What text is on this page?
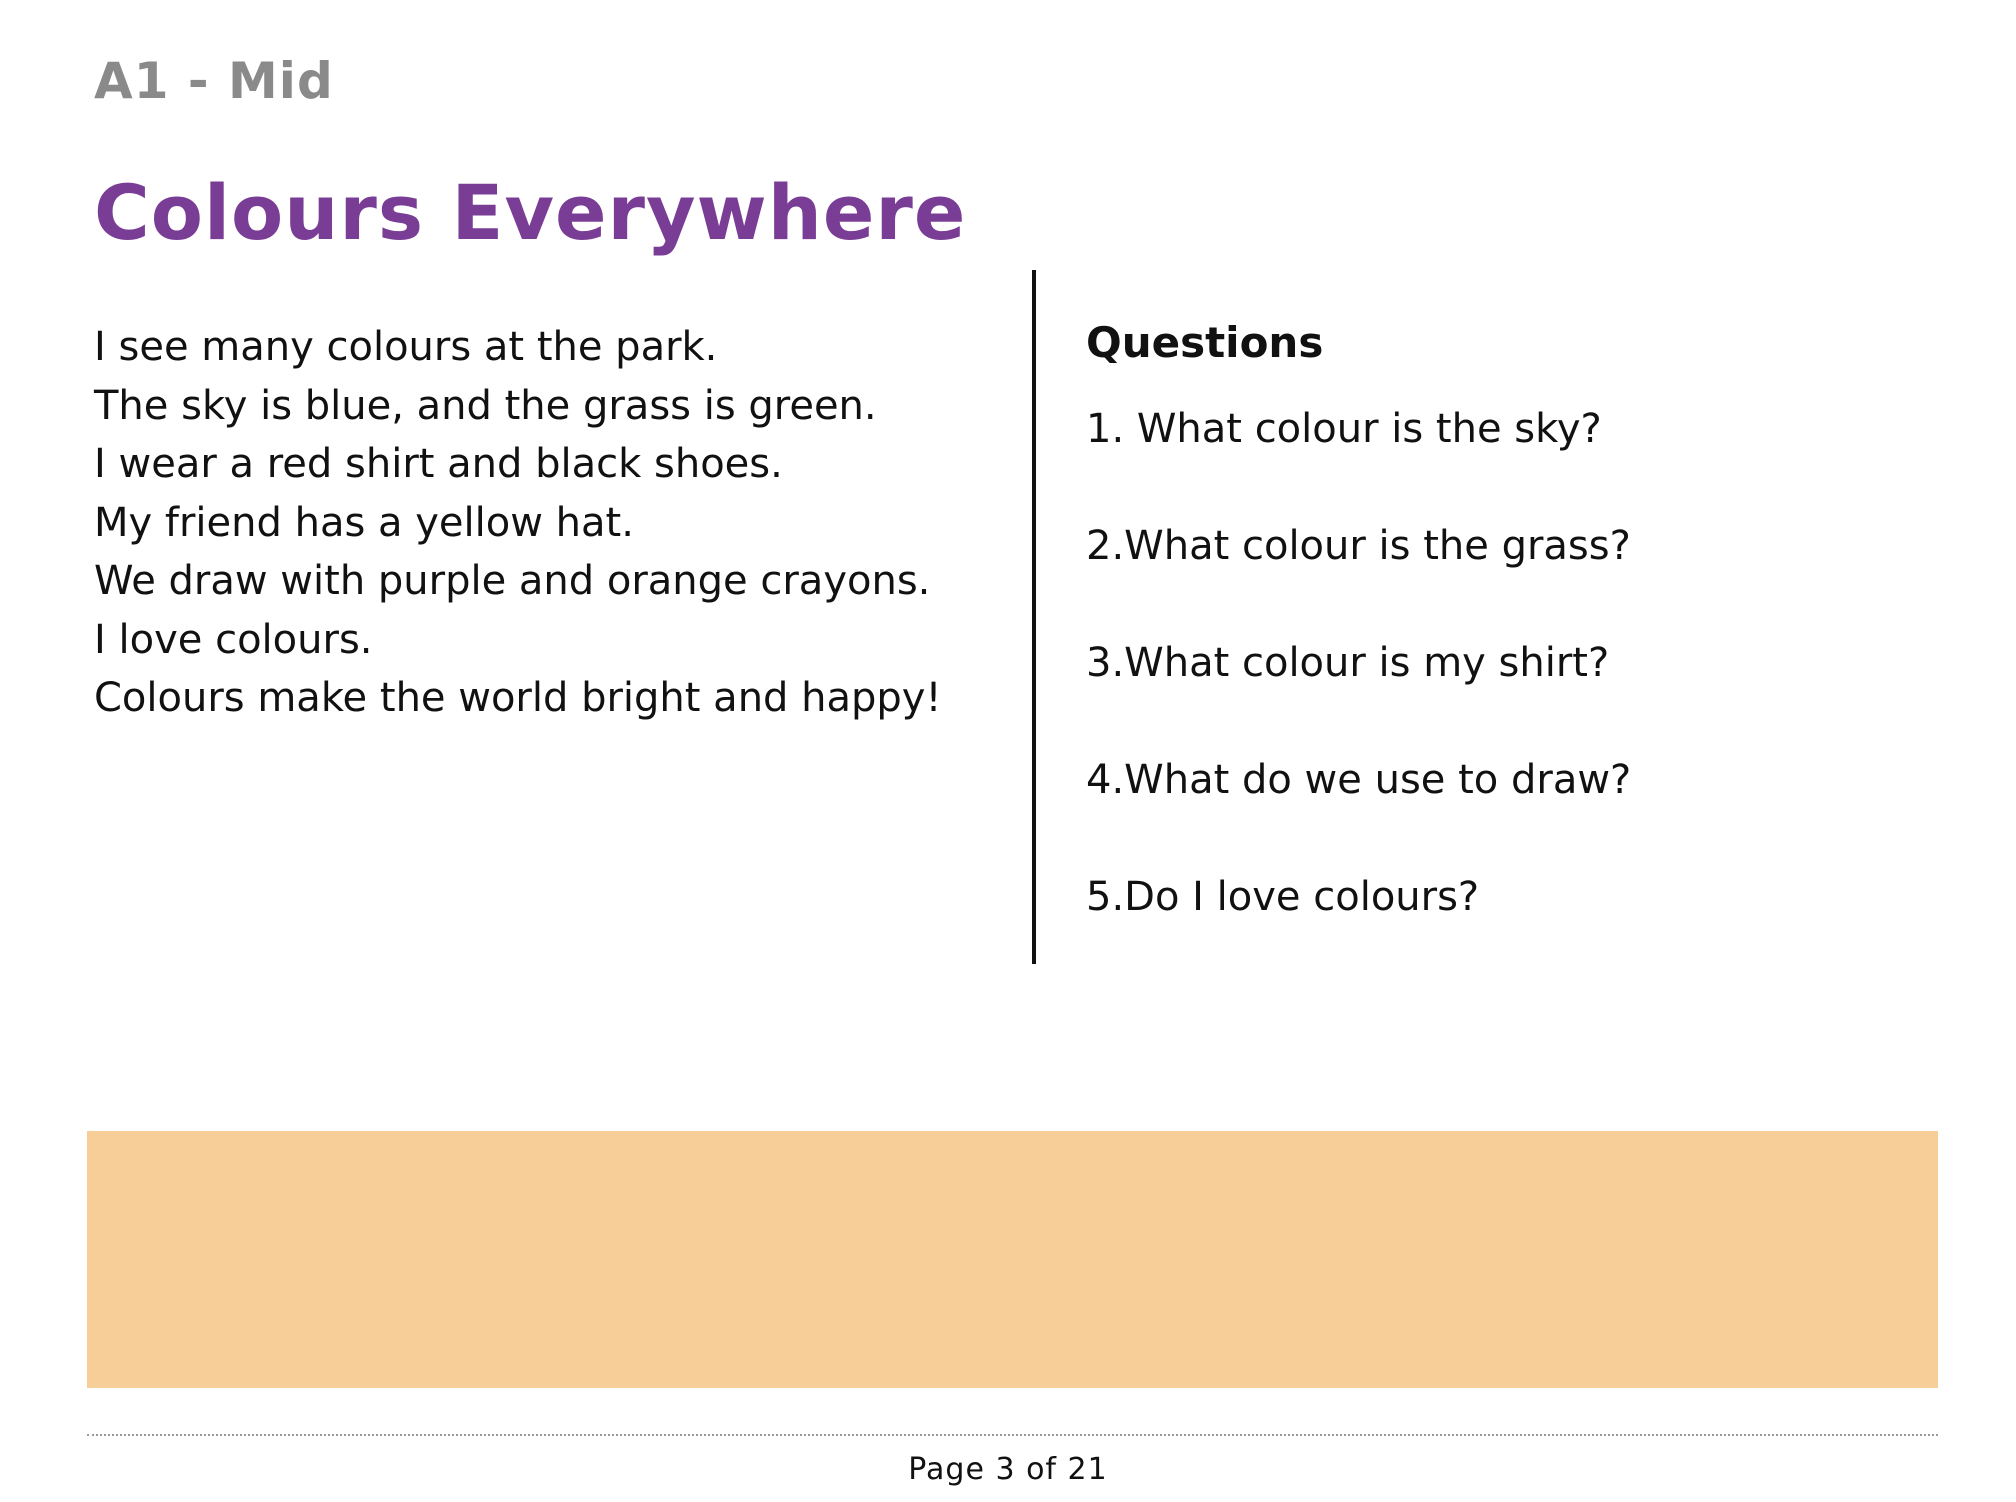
A1 - Mid
Colours Everywhere
I see many colours at the park.
The sky is blue, and the grass is green.
I wear a red shirt and black shoes.
My friend has a yellow hat.
We draw with purple and orange crayons.
I love colours.
Colours make the world bright and happy!
Questions
1. What colour is the sky?
2.What colour is the grass?
3.What colour is my shirt?
4.What do we use to draw?
5.Do I love colours?
Page 3 of 21
